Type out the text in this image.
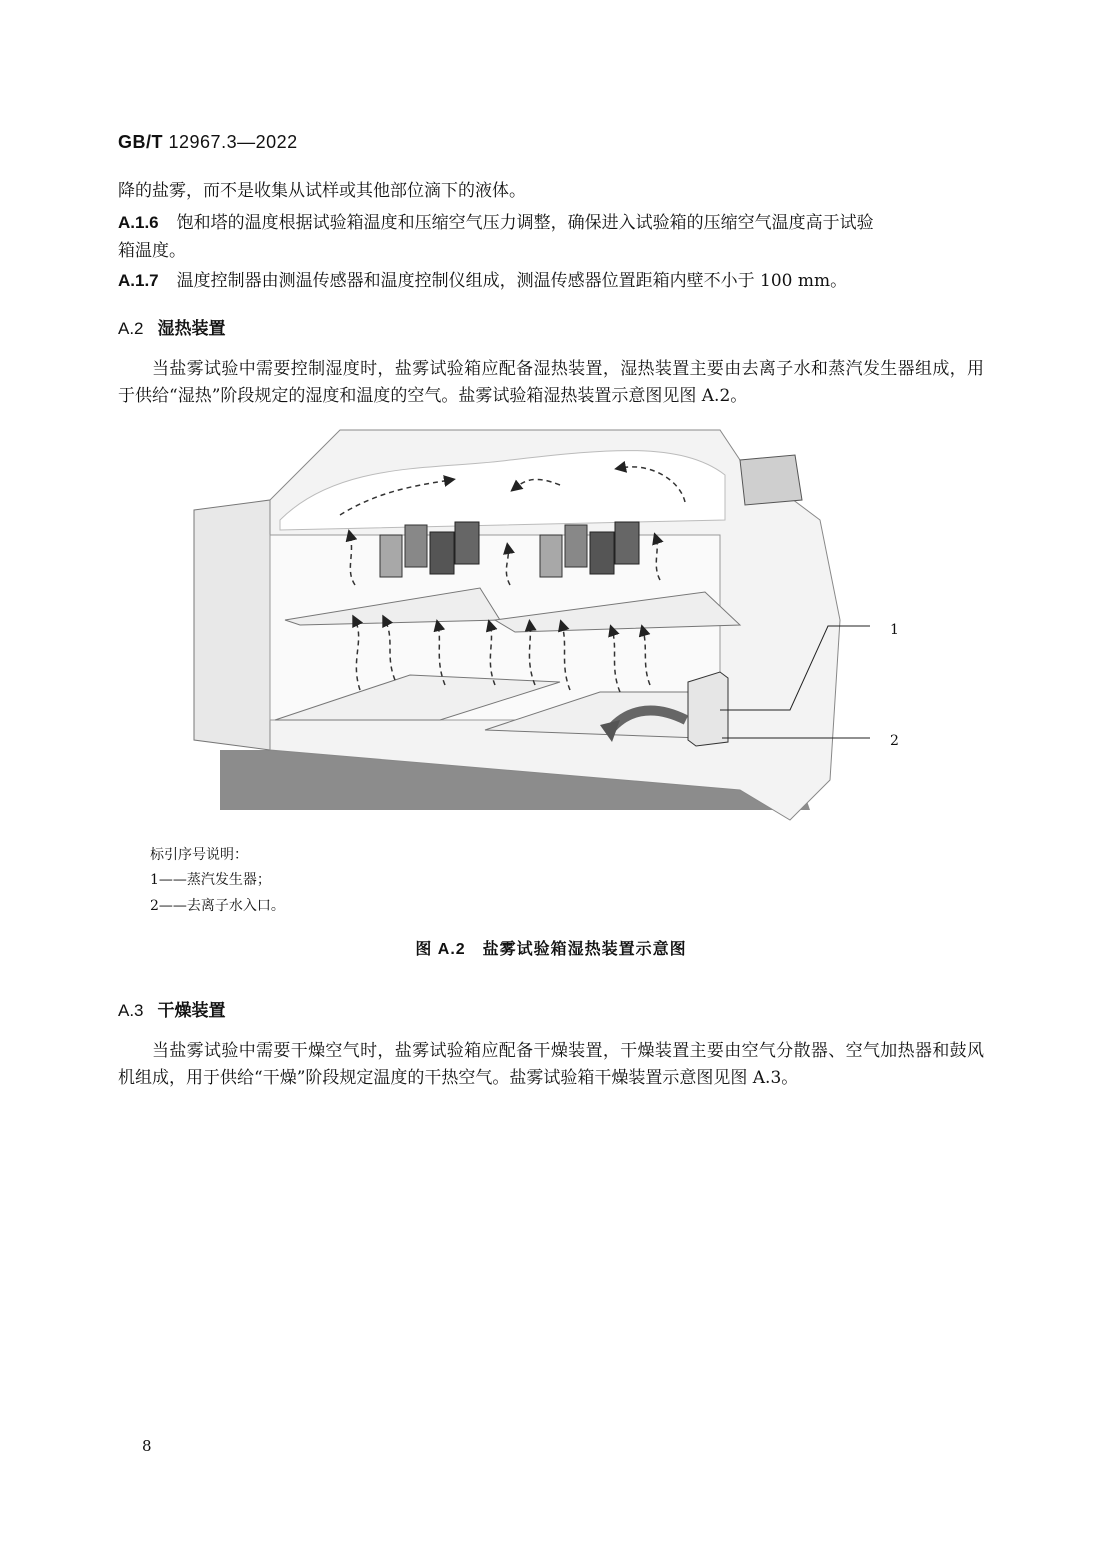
GB/T 12967.3—2022
降的盐雾，而不是收集从试样或其他部位滴下的液体。
A.1.6 饱和塔的温度根据试验箱温度和压缩空气压力调整，确保进入试验箱的压缩空气温度高于试验
箱温度。
A.1.7 温度控制器由测温传感器和温度控制仪组成，测温传感器位置距箱内壁不小于 100 mm。
A.2 湿热装置
当盐雾试验中需要控制湿度时，盐雾试验箱应配备湿热装置，湿热装置主要由去离子水和蒸汽发生器组成，用于供给“湿热”阶段规定的湿度和温度的空气。盐雾试验箱湿热装置示意图见图 A.2。
1
2
标引序号说明：
1——蒸汽发生器；
2——去离子水入口。
图 A.2　盐雾试验箱湿热装置示意图
A.3 干燥装置
当盐雾试验中需要干燥空气时，盐雾试验箱应配备干燥装置，干燥装置主要由空气分散器、空气加热器和鼓风机组成，用于供给“干燥”阶段规定温度的干热空气。盐雾试验箱干燥装置示意图见图 A.3。
8
